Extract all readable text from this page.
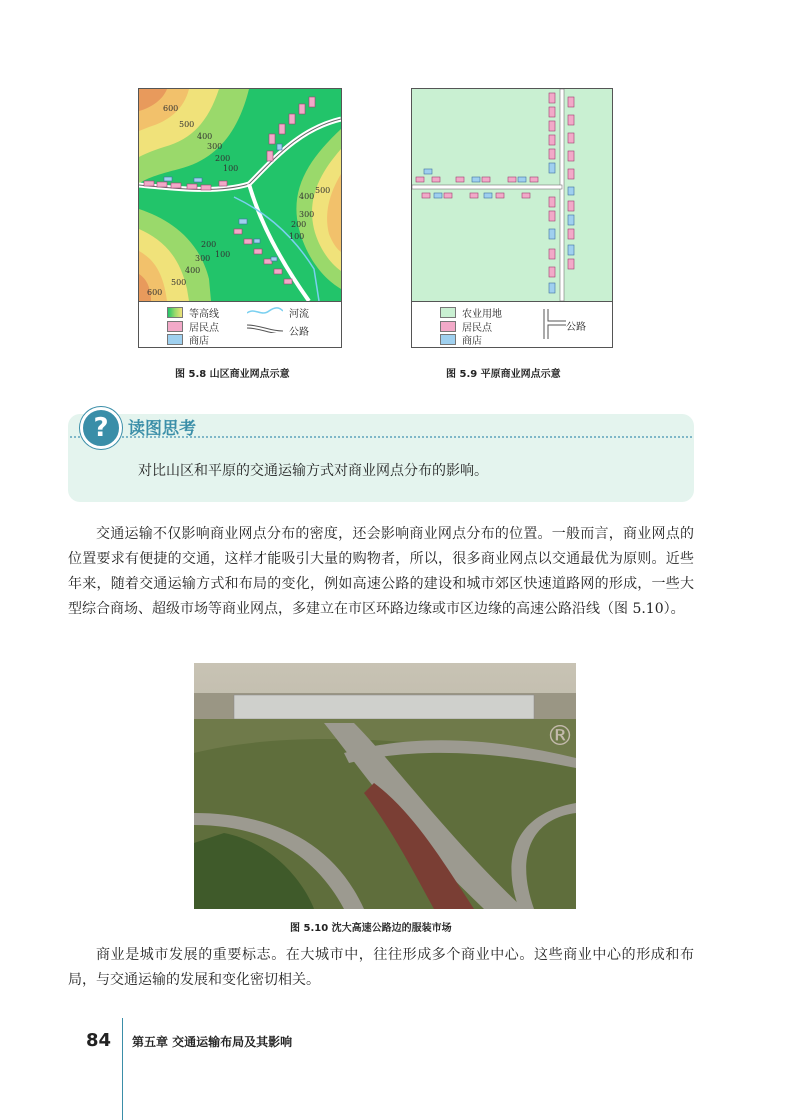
600
500
400
300
200
100
500
400
300
200
100
200
100
300
400
500
600
等高线
居民点
商店
河流
公路
图 5.8 山区商业网点示意
农业用地
居民点
商店
公路
图 5.9 平原商业网点示意
?	读图思考
对比山区和平原的交通运输方式对商业网点分布的影响。
交通运输不仅影响商业网点分布的密度，还会影响商业网点分布的位置。一般而言，商业网点的位置要求有便捷的交通，这样才能吸引大量的购物者，所以，很多商业网点以交通最优为原则。近些年来，随着交通运输方式和布局的变化，例如高速公路的建设和城市郊区快速道路网的形成，一些大型综合商场、超级市场等商业网点，多建立在市区环路边缘或市区边缘的高速公路沿线（图 5.10）。
®
图 5.10 沈大高速公路边的服装市场
商业是城市发展的重要标志。在大城市中，往往形成多个商业中心。这些商业中心的形成和布局，与交通运输的发展和变化密切相关。
84 第五章 交通运输布局及其影响
